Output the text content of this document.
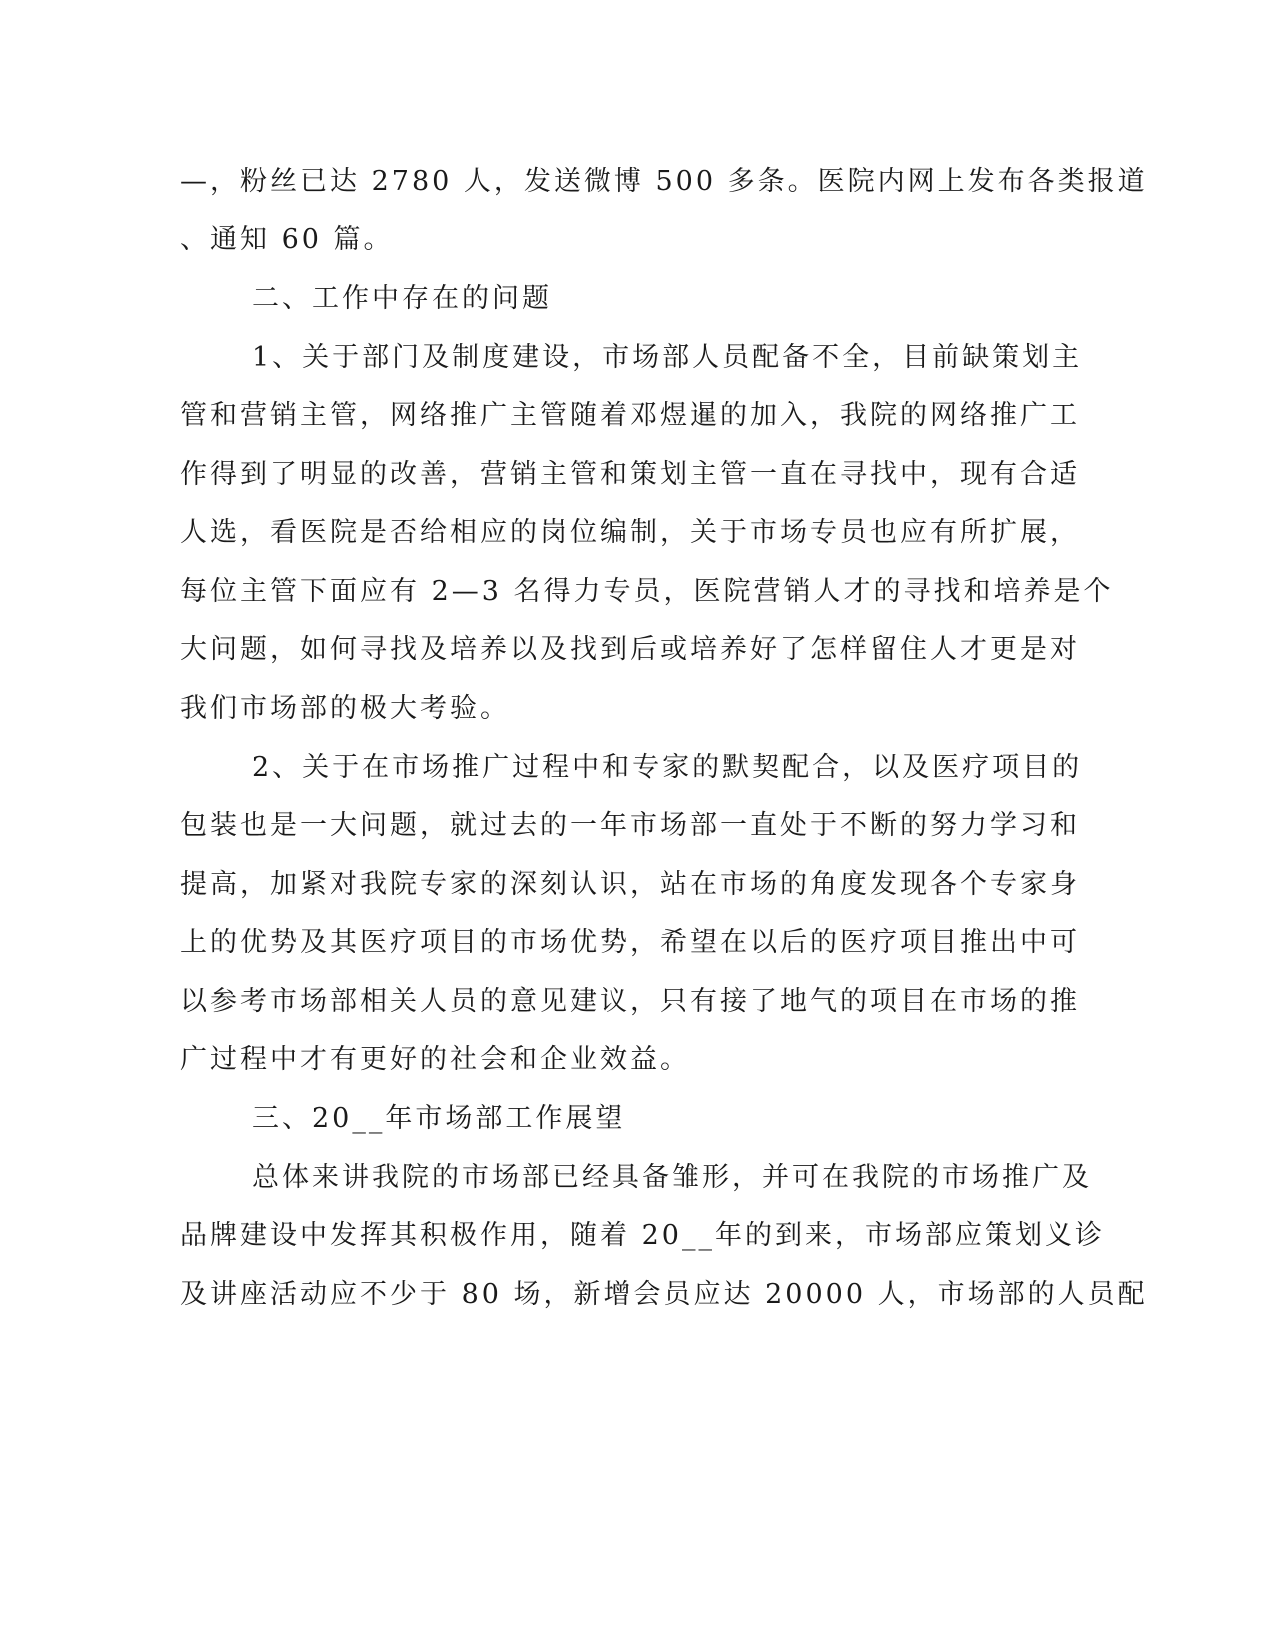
—，粉丝已达 2780 人，发送微博 500 多条。医院内网上发布各类报道
、通知 60 篇。
二、工作中存在的问题
1、关于部门及制度建设，市场部人员配备不全，目前缺策划主
管和营销主管，网络推广主管随着邓煜暹的加入，我院的网络推广工
作得到了明显的改善，营销主管和策划主管一直在寻找中，现有合适
人选，看医院是否给相应的岗位编制，关于市场专员也应有所扩展，
每位主管下面应有 2—3 名得力专员，医院营销人才的寻找和培养是个
大问题，如何寻找及培养以及找到后或培养好了怎样留住人才更是对
我们市场部的极大考验。
2、关于在市场推广过程中和专家的默契配合，以及医疗项目的
包装也是一大问题，就过去的一年市场部一直处于不断的努力学习和
提高，加紧对我院专家的深刻认识，站在市场的角度发现各个专家身
上的优势及其医疗项目的市场优势，希望在以后的医疗项目推出中可
以参考市场部相关人员的意见建议，只有接了地气的项目在市场的推
广过程中才有更好的社会和企业效益。
三、20__年市场部工作展望
总体来讲我院的市场部已经具备雏形，并可在我院的市场推广及
品牌建设中发挥其积极作用，随着 20__年的到来，市场部应策划义诊
及讲座活动应不少于 80 场，新增会员应达 20000 人，市场部的人员配
